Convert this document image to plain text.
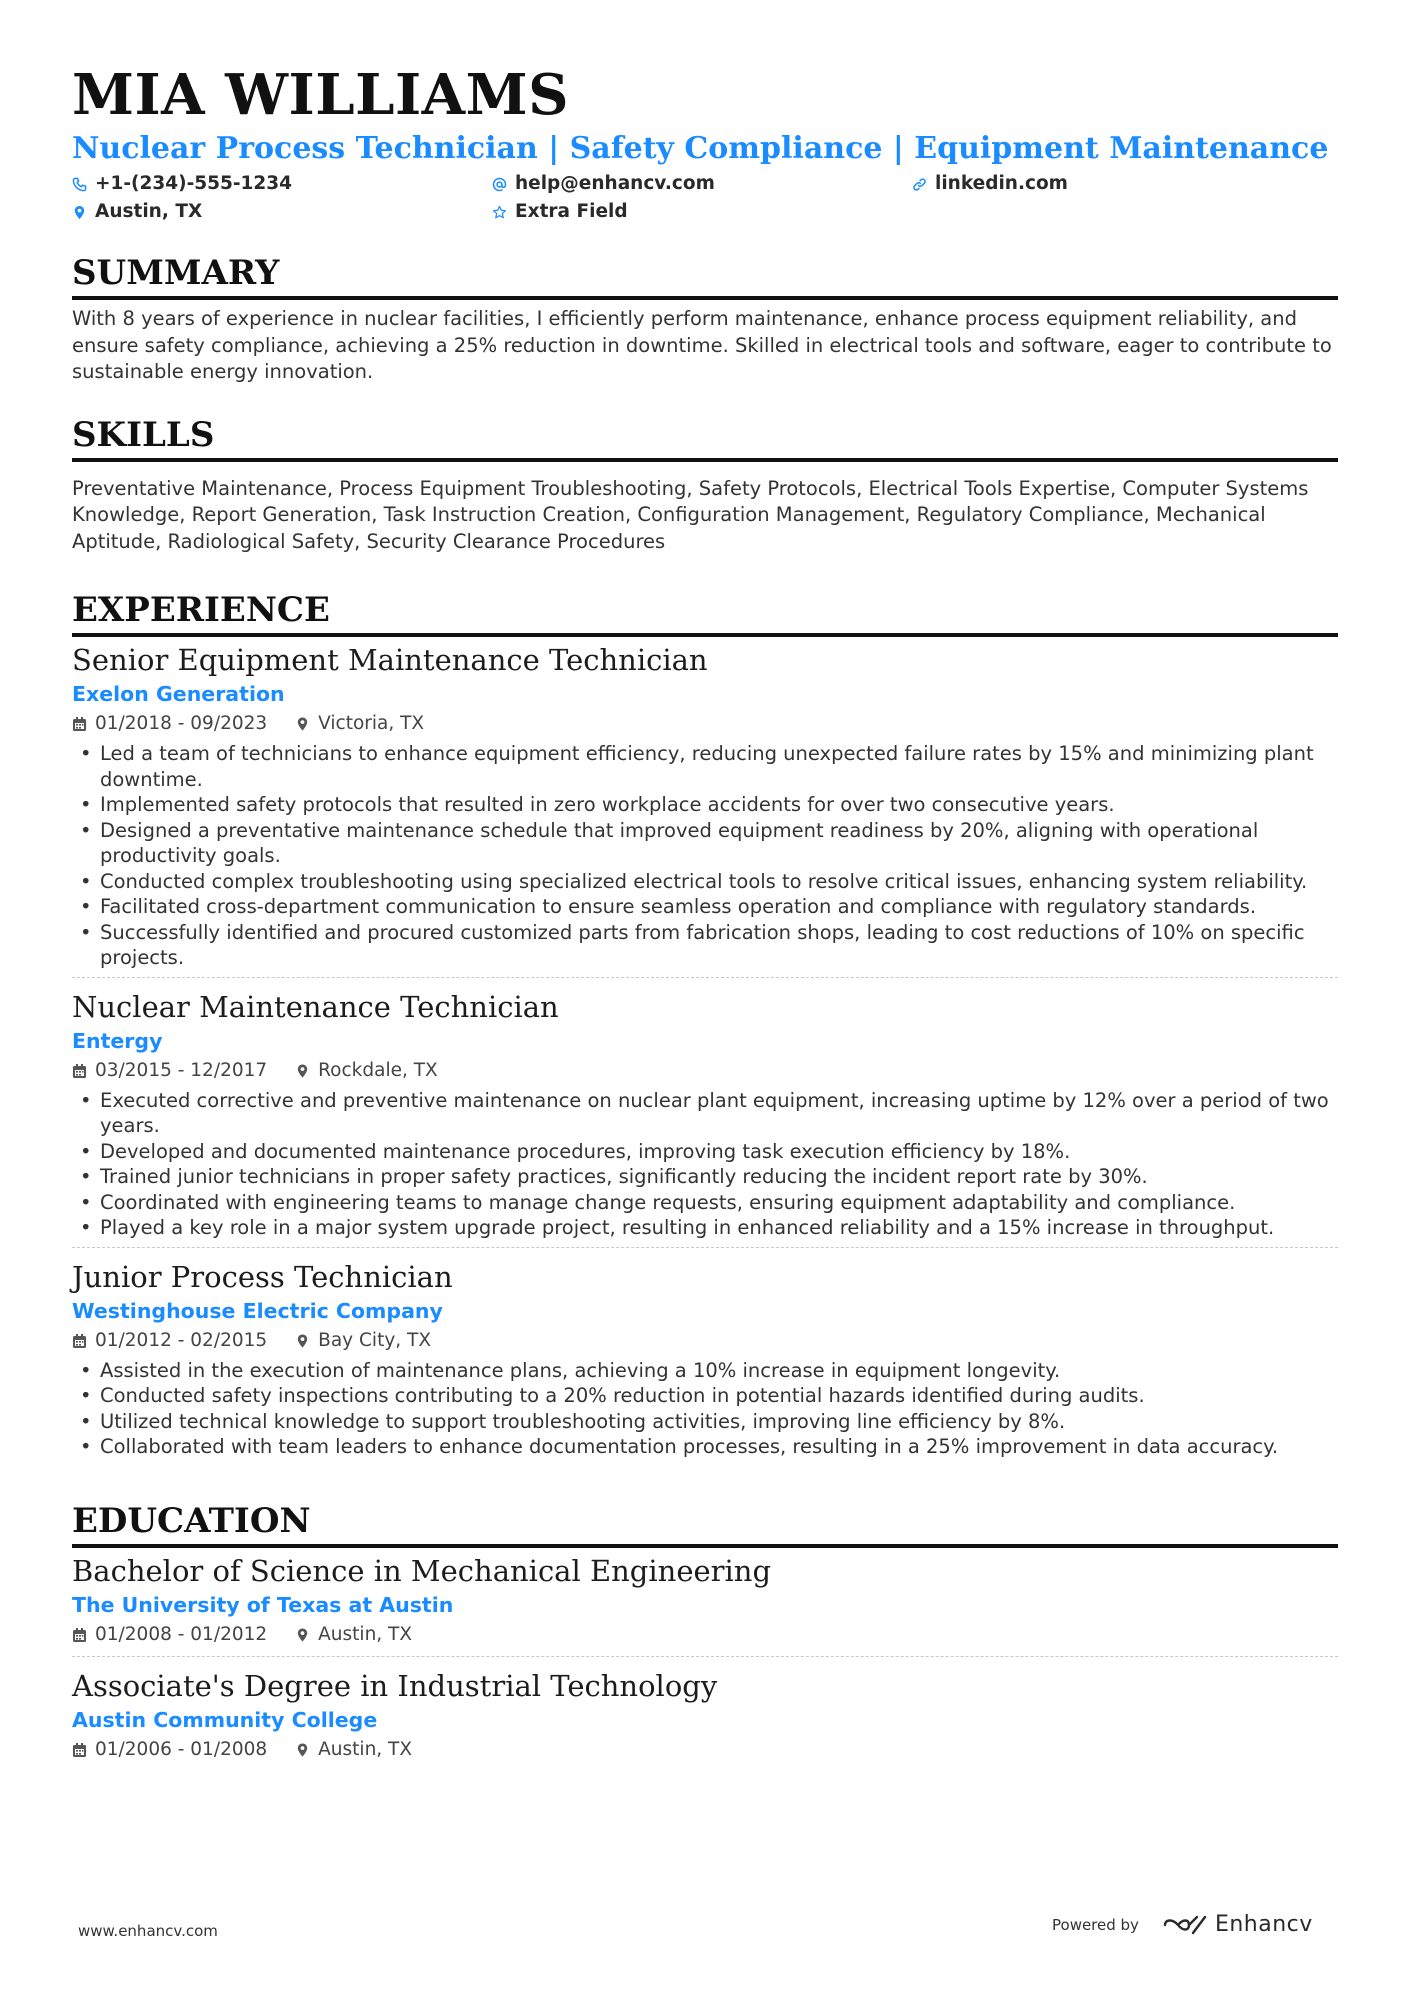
MIA WILLIAMS
Nuclear Process Technician | Safety Compliance | Equipment Maintenance
+1-(234)-555-1234	help@enhancv.com	linkedin.com
Austin, TX	Extra Field
SUMMARY
With 8 years of experience in nuclear facilities, I efficiently perform maintenance, enhance process equipment reliability, and ensure safety compliance, achieving a 25% reduction in downtime. Skilled in electrical tools and software, eager to contribute to sustainable energy innovation.
SKILLS
Preventative Maintenance, Process Equipment Troubleshooting, Safety Protocols, Electrical Tools Expertise, Computer Systems Knowledge, Report Generation, Task Instruction Creation, Configuration Management, Regulatory Compliance, Mechanical Aptitude, Radiological Safety, Security Clearance Procedures
EXPERIENCE
Senior Equipment Maintenance Technician
Exelon Generation
01/2018 - 09/2023	Victoria, TX
• Led a team of technicians to enhance equipment efficiency, reducing unexpected failure rates by 15% and minimizing plant downtime.
• Implemented safety protocols that resulted in zero workplace accidents for over two consecutive years.
• Designed a preventative maintenance schedule that improved equipment readiness by 20%, aligning with operational productivity goals.
• Conducted complex troubleshooting using specialized electrical tools to resolve critical issues, enhancing system reliability.
• Facilitated cross-department communication to ensure seamless operation and compliance with regulatory standards.
• Successfully identified and procured customized parts from fabrication shops, leading to cost reductions of 10% on specific projects.
Nuclear Maintenance Technician
Entergy
03/2015 - 12/2017	Rockdale, TX
• Executed corrective and preventive maintenance on nuclear plant equipment, increasing uptime by 12% over a period of two years.
• Developed and documented maintenance procedures, improving task execution efficiency by 18%.
• Trained junior technicians in proper safety practices, significantly reducing the incident report rate by 30%.
• Coordinated with engineering teams to manage change requests, ensuring equipment adaptability and compliance.
• Played a key role in a major system upgrade project, resulting in enhanced reliability and a 15% increase in throughput.
Junior Process Technician
Westinghouse Electric Company
01/2012 - 02/2015	Bay City, TX
• Assisted in the execution of maintenance plans, achieving a 10% increase in equipment longevity.
• Conducted safety inspections contributing to a 20% reduction in potential hazards identified during audits.
• Utilized technical knowledge to support troubleshooting activities, improving line efficiency by 8%.
• Collaborated with team leaders to enhance documentation processes, resulting in a 25% improvement in data accuracy.
EDUCATION
Bachelor of Science in Mechanical Engineering
The University of Texas at Austin
01/2008 - 01/2012	Austin, TX
Associate's Degree in Industrial Technology
Austin Community College
01/2006 - 01/2008	Austin, TX
www.enhancv.com	Powered by	Enhancv
